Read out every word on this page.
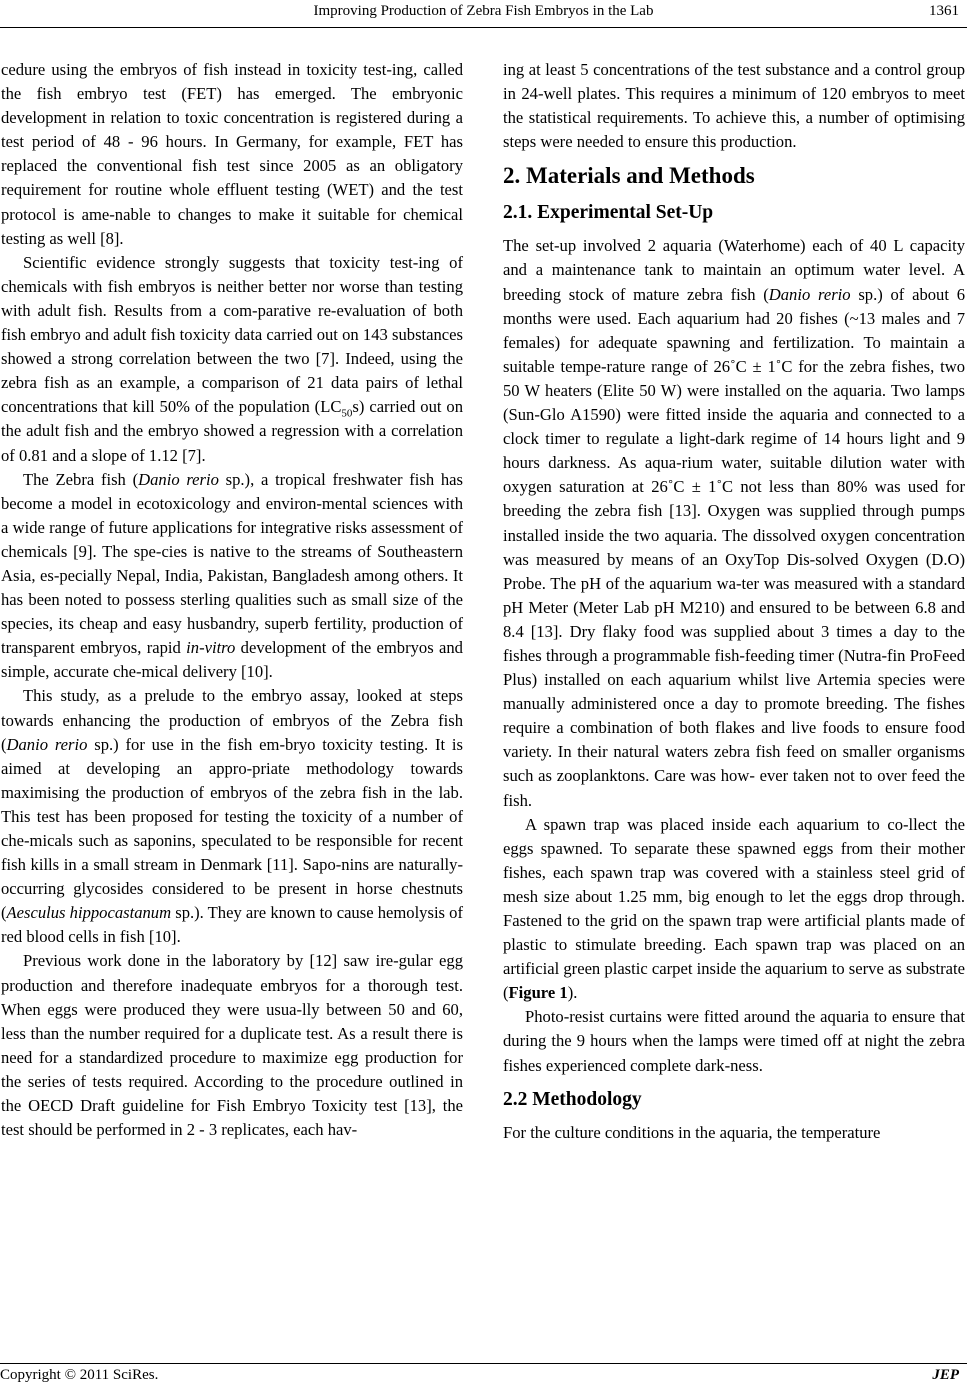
Improving Production of Zebra Fish Embryos in the Lab	1361

cedure using the embryos of fish instead in toxicity test-ing, called the fish embryo test (FET) has emerged. The embryonic development in relation to toxic concentration is registered during a test period of 48 - 96 hours. In Germany, for example, FET has replaced the conventional fish test since 2005 as an obligatory requirement for routine whole effluent testing (WET) and the test protocol is ame-nable to changes to make it suitable for chemical testing as well [8].

Scientific evidence strongly suggests that toxicity test-ing of chemicals with fish embryos is neither better nor worse than testing with adult fish. Results from a com-parative re-evaluation of both fish embryo and adult fish toxicity data carried out on 143 substances showed a strong correlation between the two [7]. Indeed, using the zebra fish as an example, a comparison of 21 data pairs of lethal concentrations that kill 50% of the population $(LC_{50}s)$ carried out on the adult fish and the embryo showed a regression with a correlation of 0.81 and a slope of 1.12 [7].

The Zebra fish (Danio rerio sp.), a tropical freshwater fish has become a model in ecotoxicology and environ-mental sciences with a wide range of future applications for integrative risks assessment of chemicals [9]. The spe-cies is native to the streams of Southeastern Asia, es-pecially Nepal, India, Pakistan, Bangladesh among others. It has been noted to possess sterling qualities such as small size of the species, its cheap and easy husbandry, superb fertility, production of transparent embryos, rapid in-vitro development of the embryos and simple, accurate che-mical delivery [10].

This study, as a prelude to the embryo assay, looked at steps towards enhancing the production of embryos of the Zebra fish (Danio rerio sp.) for use in the fish em-bryo toxicity testing. It is aimed at developing an appro-priate methodology towards maximising the production of embryos of the zebra fish in the lab. This test has been proposed for testing the toxicity of a number of che-micals such as saponins, speculated to be responsible for recent fish kills in a small stream in Denmark [11]. Sapo-nins are naturally-occurring glycosides considered to be present in horse chestnuts (Aesculus hippocastanum sp.). They are known to cause hemolysis of red blood cells in fish [10].

Previous work done in the laboratory by [12] saw ire-gular egg production and therefore inadequate embryos for a thorough test. When eggs were produced they were usua-lly between 50 and 60, less than the number required for a duplicate test. As a result there is need for a standardized procedure to maximize egg production for the series of tests required. According to the procedure outlined in the OECD Draft guideline for Fish Embryo Toxicity test [13], the test should be performed in 2 - 3 replicates, each hav-

ing at least 5 concentrations of the test substance and a control group in 24-well plates. This requires a minimum of 120 embryos to meet the statistical requirements. To achieve this, a number of optimising steps were needed to ensure this production.

2. Materials and Methods
2.1. Experimental Set-Up

The set-up involved 2 aquaria (Waterhome) each of 40 L capacity and a maintenance tank to maintain an optimum water level. A breeding stock of mature zebra fish (Danio rerio sp.) of about 6 months were used. Each aquarium had 20 fishes (~13 males and 7 females) for adequate spawning and fertilization. To maintain a suitable tempe-rature range of 26˚C ± 1˚C for the zebra fishes, two 50 W heaters (Elite 50 W) were installed on the aquaria. Two lamps (Sun-Glo A1590) were fitted inside the aquaria and connected to a clock timer to regulate a light-dark regime of 14 hours light and 9 hours darkness. As aqua-rium water, suitable dilution water with oxygen saturation at 26˚C ± 1˚C not less than 80% was used for breeding the zebra fish [13]. Oxygen was supplied through pumps installed inside the two aquaria. The dissolved oxygen concentration was measured by means of an OxyTop Dis-solved Oxygen (D.O) Probe. The pH of the aquarium wa-ter was measured with a standard pH Meter (Meter Lab pH M210) and ensured to be between 6.8 and 8.4 [13]. Dry flaky food was supplied about 3 times a day to the fishes through a programmable fish-feeding timer (Nutra-fin ProFeed Plus) installed on each aquarium whilst live Artemia species were manually administered once a day to promote breeding. The fishes require a combination of both flakes and live foods to ensure food variety. In their natural waters zebra fish feed on smaller organisms such as zooplanktons. Care was how- ever taken not to over feed the fish.

A spawn trap was placed inside each aquarium to co-llect the eggs spawned. To separate these spawned eggs from their mother fishes, each spawn trap was covered with a stainless steel grid of mesh size about 1.25 mm, big enough to let the eggs drop through. Fastened to the grid on the spawn trap were artificial plants made of plastic to stimulate breeding. Each spawn trap was placed on an artificial green plastic carpet inside the aquarium to serve as substrate (Figure 1).

Photo-resist curtains were fitted around the aquaria to ensure that during the 9 hours when the lamps were timed off at night the zebra fishes experienced complete dark-ness.

2.2 Methodology

For the culture conditions in the aquaria, the temperature

Copyright © 2011 SciRes.	JEP
